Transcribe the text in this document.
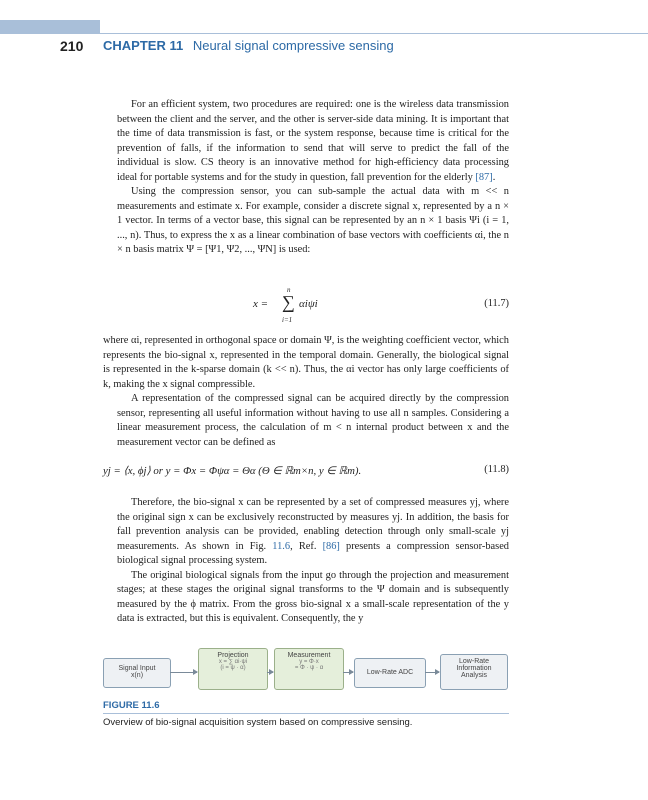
210 CHAPTER 11 Neural signal compressive sensing

For an efficient system, two procedures are required: one is the wireless data transmission between the client and the server, and the other is server-side data mining. It is important that the time of data transmission is fast, or the system response, because time is critical for the prevention of falls, if the information to send that will serve to predict the fall of the individual is slow. CS theory is an innovative method for high-efficiency data processing ideal for portable systems and for the study in question, fall prevention for the elderly [87].

Using the compression sensor, you can sub-sample the actual data with m << n measurements and estimate x. For example, consider a discrete signal x, represented by a n × 1 vector. In terms of a vector base, this signal can be represented by an n × 1 basis Ψi (i = 1, ..., n). Thus, to express the x as a linear combination of base vectors with coefficients αi, the n × n basis matrix Ψ = [Ψ1, Ψ2, ..., ΨN] is used:

x =
n
∑
i=1
αiψi	(11.7)

where αi, represented in orthogonal space or domain Ψ, is the weighting coefficient vector, which represents the bio-signal x, represented in the temporal domain. Generally, the biological signal is represented in the k-sparse domain (k << n). Thus, the αi vector has only large coefficients of k, making the x signal compressible.

A representation of the compressed signal can be acquired directly by the compression sensor, representing all useful information without having to use all n samples. Considering a linear measurement process, the calculation of m < n internal product between x and the measurement vector can be defined as

yj = ⟨x, ϕj⟩ or y = Φx = Φψα = Θα (Θ ∈ ℝm×n, y ∈ ℝm).	(11.8)

Therefore, the bio-signal x can be represented by a set of compressed measures yj, where the original sign x can be exclusively reconstructed by measures yj. In addition, the basis for fall prevention analysis can be provided, enabling detection through only small-scale yj measurements. As shown in Fig. 11.6, Ref. [86] presents a compression sensor-based biological signal processing system.

The original biological signals from the input go through the projection and measurement stages; at these stages the original signal transforms to the Ψ domain and is subsequently measured by the ϕ matrix. From the gross bio-signal x a small-scale representation of the y data is extracted, but this is equivalent. Consequently, the y

Signal Input
x(n)
Projection
x = ∑ αi·ψi
(i = ψ · α)
Measurement
y = Φ·x
= Φ · ψ · α
Low-Rate ADC
Low-Rate
Information
Analysis
FIGURE 11.6
Overview of bio-signal acquisition system based on compressive sensing.
